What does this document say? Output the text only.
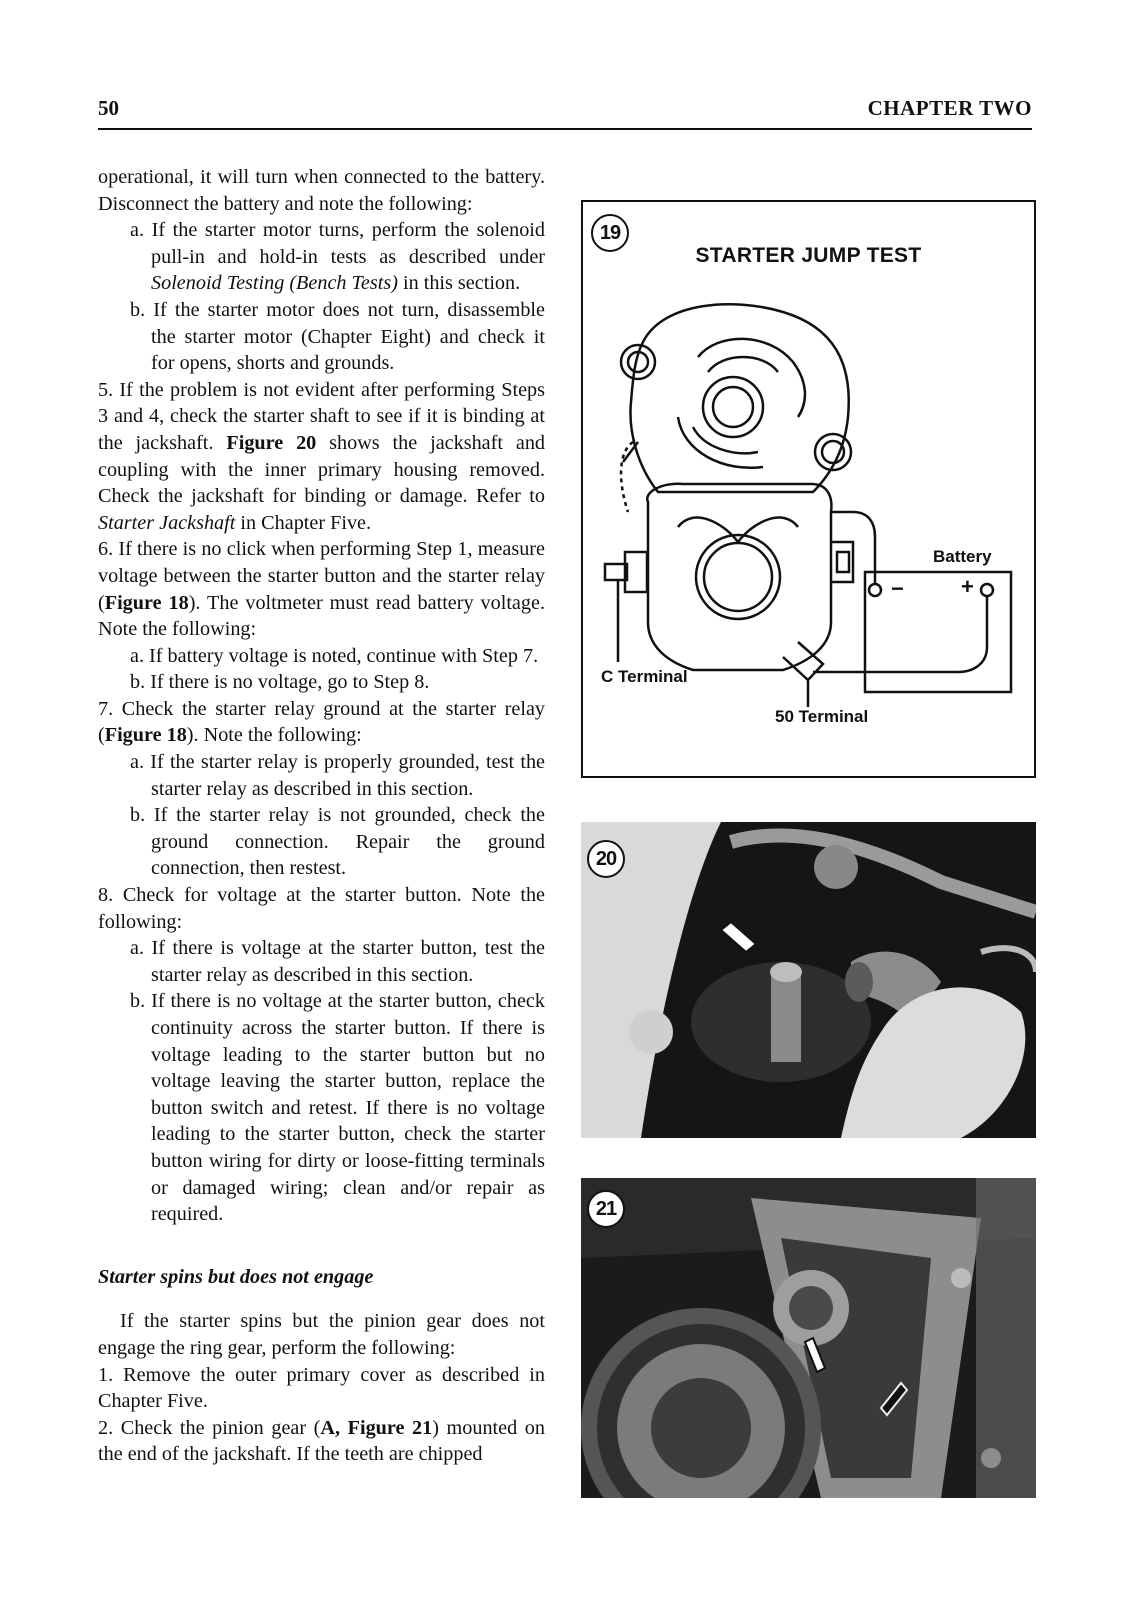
50	CHAPTER TWO

operational, it will turn when connected to the battery. Disconnect the battery and note the following:

a. If the starter motor turns, perform the solenoid pull-in and hold-in tests as described under Solenoid Testing (Bench Tests) in this section.

b. If the starter motor does not turn, disassemble the starter motor (Chapter Eight) and check it for opens, shorts and grounds.

5. If the problem is not evident after performing Steps 3 and 4, check the starter shaft to see if it is binding at the jackshaft. Figure 20 shows the jackshaft and coupling with the inner primary housing removed. Check the jackshaft for binding or damage. Refer to Starter Jackshaft in Chapter Five.

6. If there is no click when performing Step 1, measure voltage between the starter button and the starter relay (Figure 18). The voltmeter must read battery voltage. Note the following:

a. If battery voltage is noted, continue with Step 7.

b. If there is no voltage, go to Step 8.

7. Check the starter relay ground at the starter relay (Figure 18). Note the following:

a. If the starter relay is properly grounded, test the starter relay as described in this section.

b. If the starter relay is not grounded, check the ground connection. Repair the ground connection, then restest.

8. Check for voltage at the starter button. Note the following:

a. If there is voltage at the starter button, test the starter relay as described in this section.

b. If there is no voltage at the starter button, check continuity across the starter button. If there is voltage leading to the starter button but no voltage leaving the starter button, replace the button switch and retest. If there is no voltage leading to the starter button, check the starter button wiring for dirty or loose-fitting terminals or damaged wiring; clean and/or repair as required.

Starter spins but does not engage

If the starter spins but the pinion gear does not engage the ring gear, perform the following:

1. Remove the outer primary cover as described in Chapter Five.

2. Check the pinion gear (A, Figure 21) mounted on the end of the jackshaft. If the teeth are chipped

19
STARTER JUMP TEST
Battery
−	+
C Terminal
50 Terminal
20
21
